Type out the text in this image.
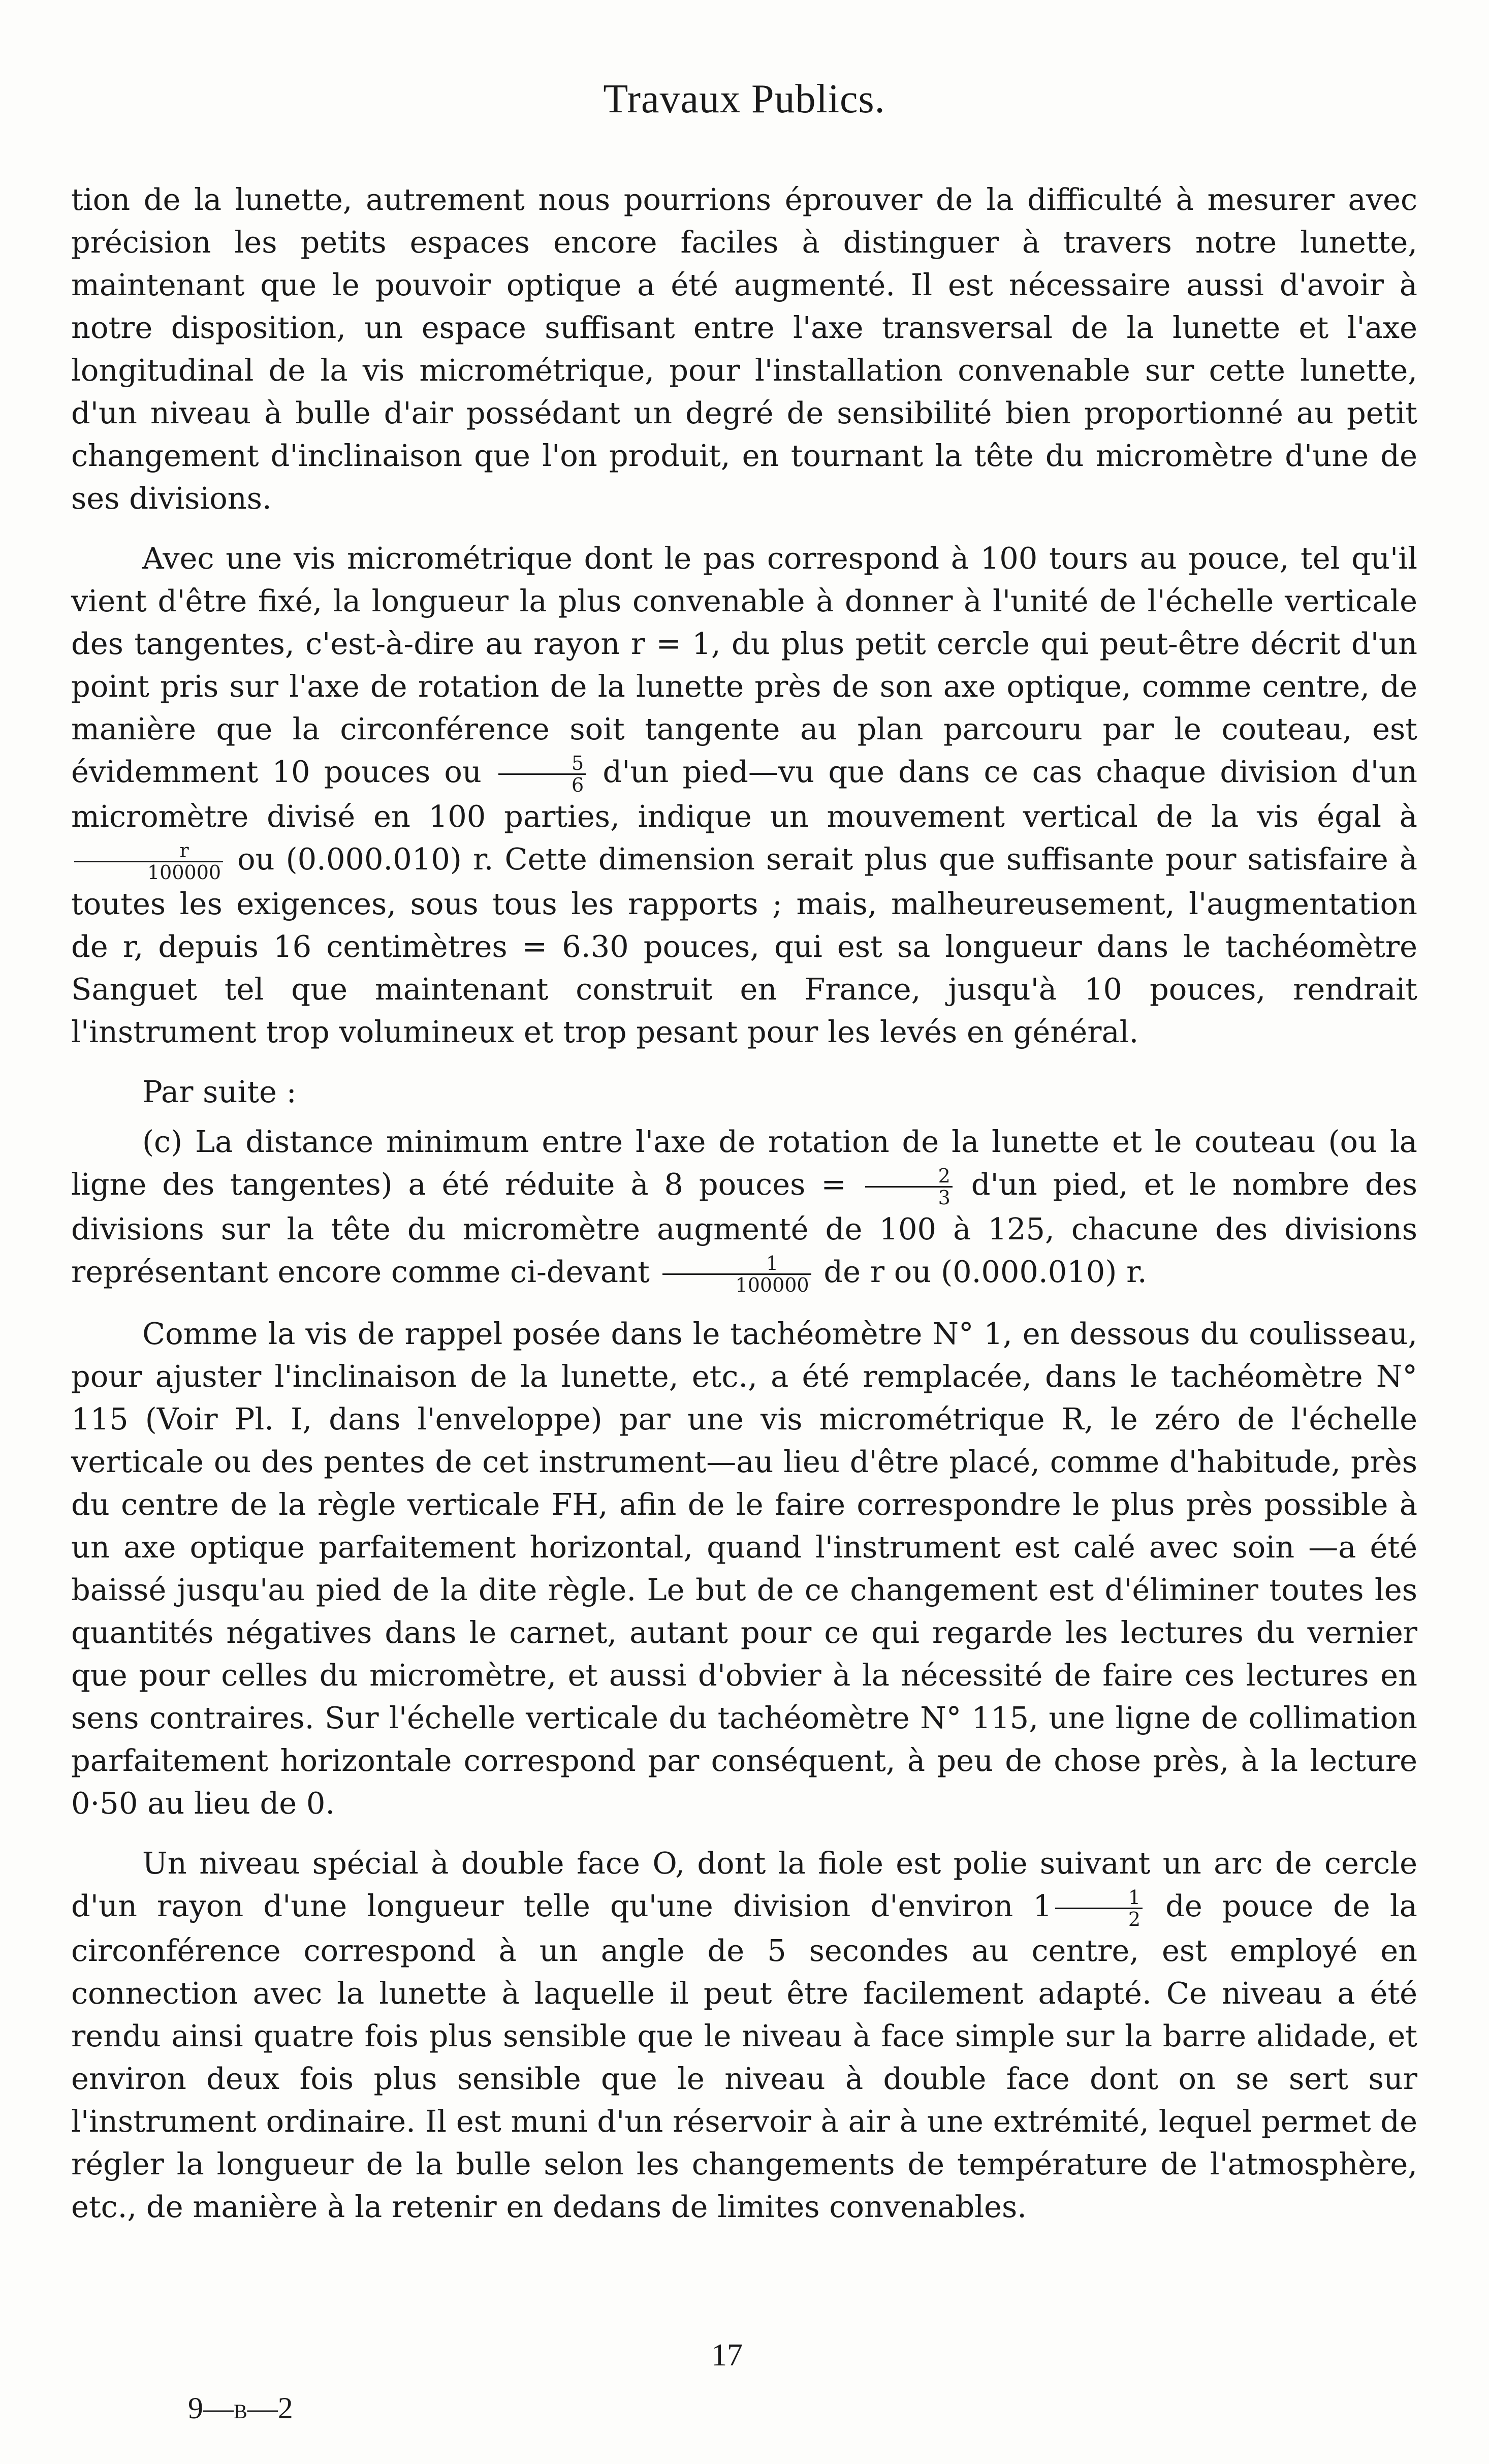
Travaux Publics.

tion de la lunette, autrement nous pourrions éprouver de la difficulté à mesurer avec précision les petits espaces encore faciles à distinguer à travers notre lunette, maintenant que le pouvoir optique a été augmenté. Il est nécessaire aussi d'avoir à notre disposition, un espace suffisant entre l'axe transversal de la lunette et l'axe longitudinal de la vis micrométrique, pour l'installation convenable sur cette lunette, d'un niveau à bulle d'air possédant un degré de sensibilité bien proportionné au petit changement d'inclinaison que l'on produit, en tournant la tête du micromètre d'une de ses divisions.

Avec une vis micrométrique dont le pas correspond à 100 tours au pouce, tel qu'il vient d'être fixé, la longueur la plus convenable à donner à l'unité de l'échelle verticale des tangentes, c'est-à-dire au rayon r = 1, du plus petit cercle qui peut-être décrit d'un point pris sur l'axe de rotation de la lunette près de son axe optique, comme centre, de manière que la circonférence soit tangente au plan parcouru par le couteau, est évidemment 10 pouces ou $\frac{5}{6} d'un$ pied—vu que dans ce cas chaque division d'un micromètre divisé en 100 parties, indique un mouvement vertical de la vis égal à
$\frac{r}{100000}$ ou (0.000.010) r. Cette dimension serait plus que suffisante pour satisfaire à toutes les exigences, sous tous les rapports ; mais, malheureusement, l'augmentation de r, depuis 16 centimètres = 6.30 pouces, qui est sa longueur dans le tachéomètre Sanguet tel que maintenant construit en France, jusqu'à 10 pouces, rendrait l'instrument trop volumineux et trop pesant pour les levés en général.

Par suite :

(c) La distance minimum entre l'axe de rotation de la lunette et le couteau (ou la ligne des tangentes) a été réduite à 8 pouces = $\frac{2}{3} d'un$ pied, et le nombre des divisions sur la tête du micromètre augmenté de 100 à 125, chacune des divisions représentant encore comme ci-devant $\frac{1}{100000}$ de r ou (0.000.010) r.

Comme la vis de rappel posée dans le tachéomètre N° 1, en dessous du coulisseau, pour ajuster l'inclinaison de la lunette, etc., a été remplacée, dans le tachéomètre N° 115 (Voir Pl. I, dans l'enveloppe) par une vis micrométrique R, le zéro de l'échelle verticale ou des pentes de cet instrument—au lieu d'être placé, comme d'habitude, près du centre de la règle verticale FH, afin de le faire correspondre le plus près possible à un axe optique parfaitement horizontal, quand l'instrument est calé avec soin —a été baissé jusqu'au pied de la dite règle. Le but de ce changement est d'éliminer toutes les quantités négatives dans le carnet, autant pour ce qui regarde les lectures du vernier que pour celles du micromètre, et aussi d'obvier à la nécessité de faire ces lectures en sens contraires. Sur l'échelle verticale du tachéomètre N° 115, une ligne de collimation parfaitement horizontale correspond par conséquent, à peu de chose près, à la lecture 0·50 au lieu de 0.

Un niveau spécial à double face O, dont la fiole est polie suivant un arc de cercle d'un rayon d'une longueur telle qu'une division d'environ $1 \frac{1}{2}$ de pouce de la circonférence correspond à un angle de 5 secondes au centre, est employé en connection avec la lunette à laquelle il peut être facilement adapté. Ce niveau a été rendu ainsi quatre fois plus sensible que le niveau à face simple sur la barre alidade, et environ deux fois plus sensible que le niveau à double face dont on se sert sur l'instrument ordinaire. Il est muni d'un réservoir à air à une extrémité, lequel permet de régler la longueur de la bulle selon les changements de température de l'atmosphère, etc., de manière à la retenir en dedans de limites convenables.

17
9—B—2
